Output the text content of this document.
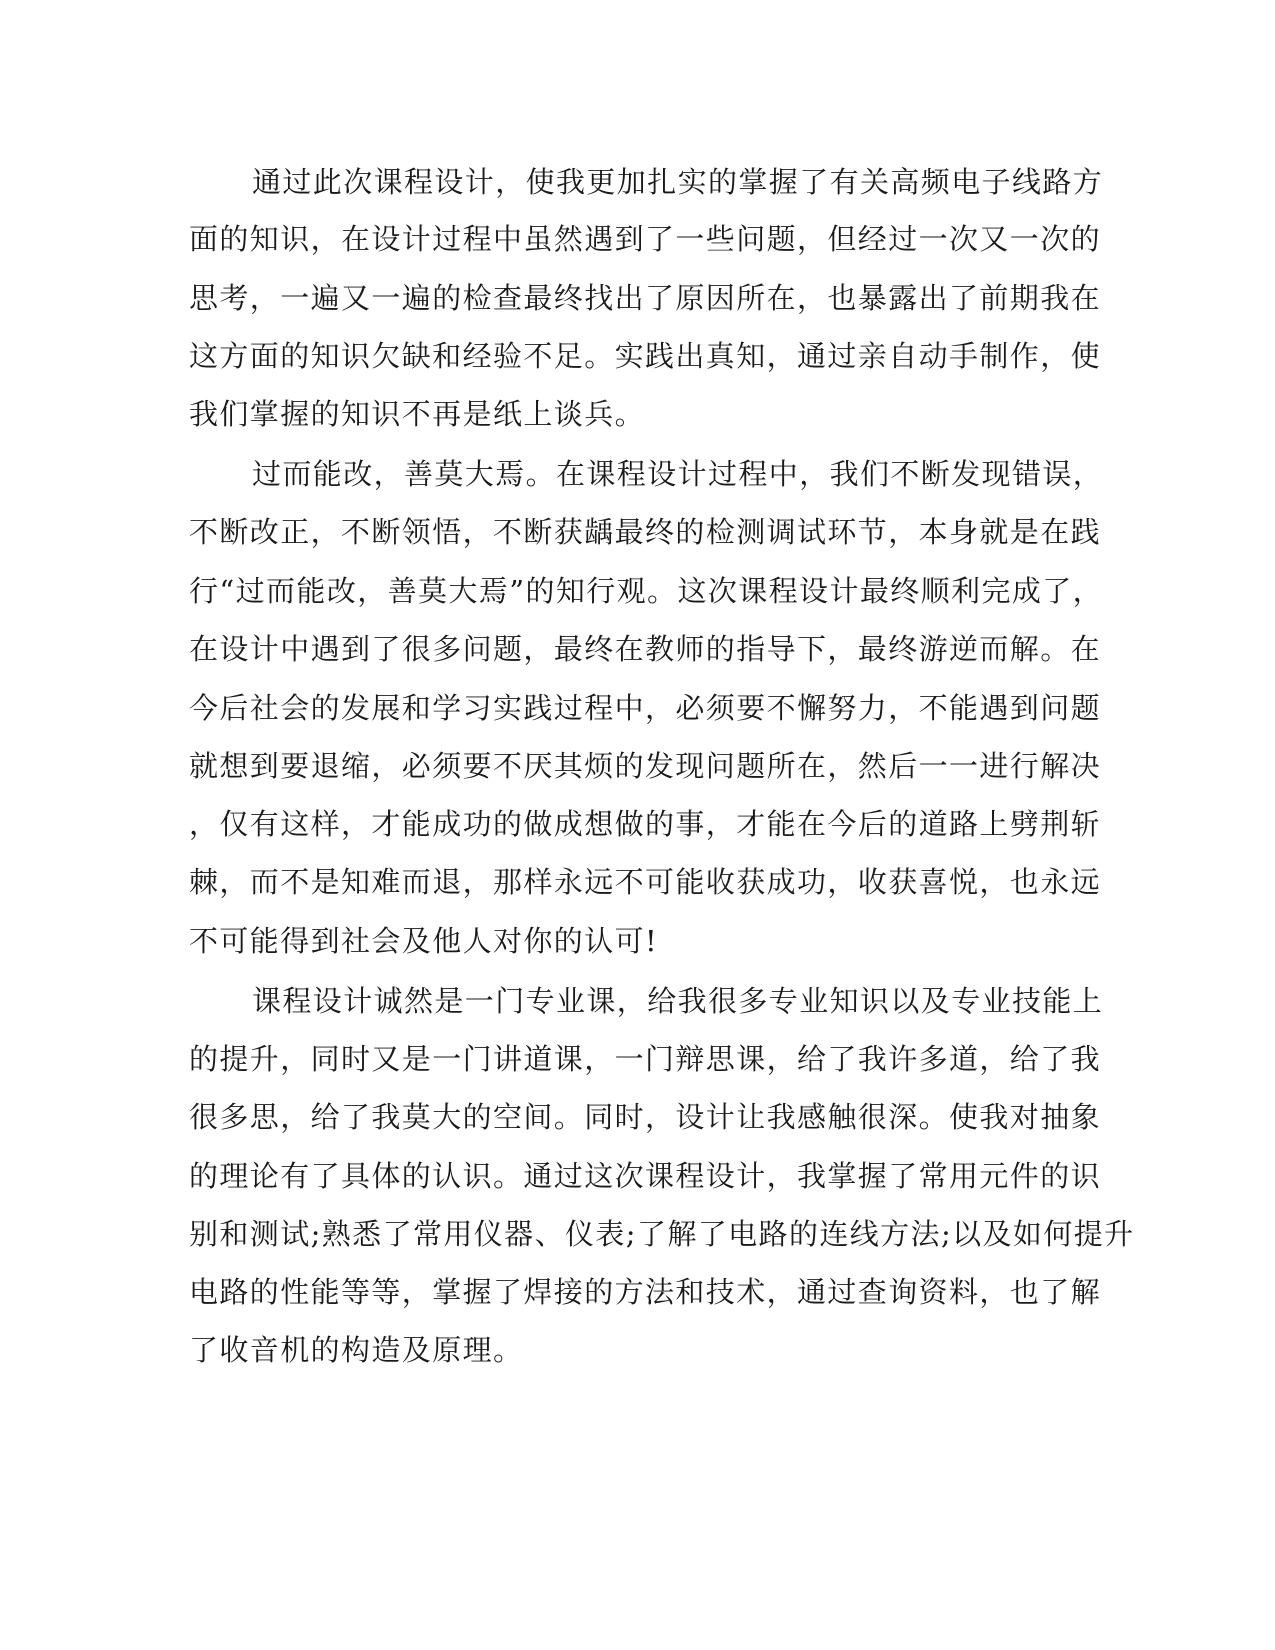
通过此次课程设计，使我更加扎实的掌握了有关高频电子线路方
面的知识，在设计过程中虽然遇到了一些问题，但经过一次又一次的
思考，一遍又一遍的检查最终找出了原因所在，也暴露出了前期我在
这方面的知识欠缺和经验不足。实践出真知，通过亲自动手制作，使
我们掌握的知识不再是纸上谈兵。
过而能改，善莫大焉。在课程设计过程中，我们不断发现错误，
不断改正，不断领悟，不断获龋最终的检测调试环节，本身就是在践
行“过而能改，善莫大焉”的知行观。这次课程设计最终顺利完成了，
在设计中遇到了很多问题，最终在教师的指导下，最终游逆而解。在
今后社会的发展和学习实践过程中，必须要不懈努力，不能遇到问题
就想到要退缩，必须要不厌其烦的发现问题所在，然后一一进行解决
，仅有这样，才能成功的做成想做的事，才能在今后的道路上劈荆斩
棘，而不是知难而退，那样永远不可能收获成功，收获喜悦，也永远
不可能得到社会及他人对你的认可!
课程设计诚然是一门专业课，给我很多专业知识以及专业技能上
的提升，同时又是一门讲道课，一门辩思课，给了我许多道，给了我
很多思，给了我莫大的空间。同时，设计让我感触很深。使我对抽象
的理论有了具体的认识。通过这次课程设计，我掌握了常用元件的识
别和测试;熟悉了常用仪器、仪表;了解了电路的连线方法;以及如何提升
电路的性能等等，掌握了焊接的方法和技术，通过查询资料，也了解
了收音机的构造及原理。
